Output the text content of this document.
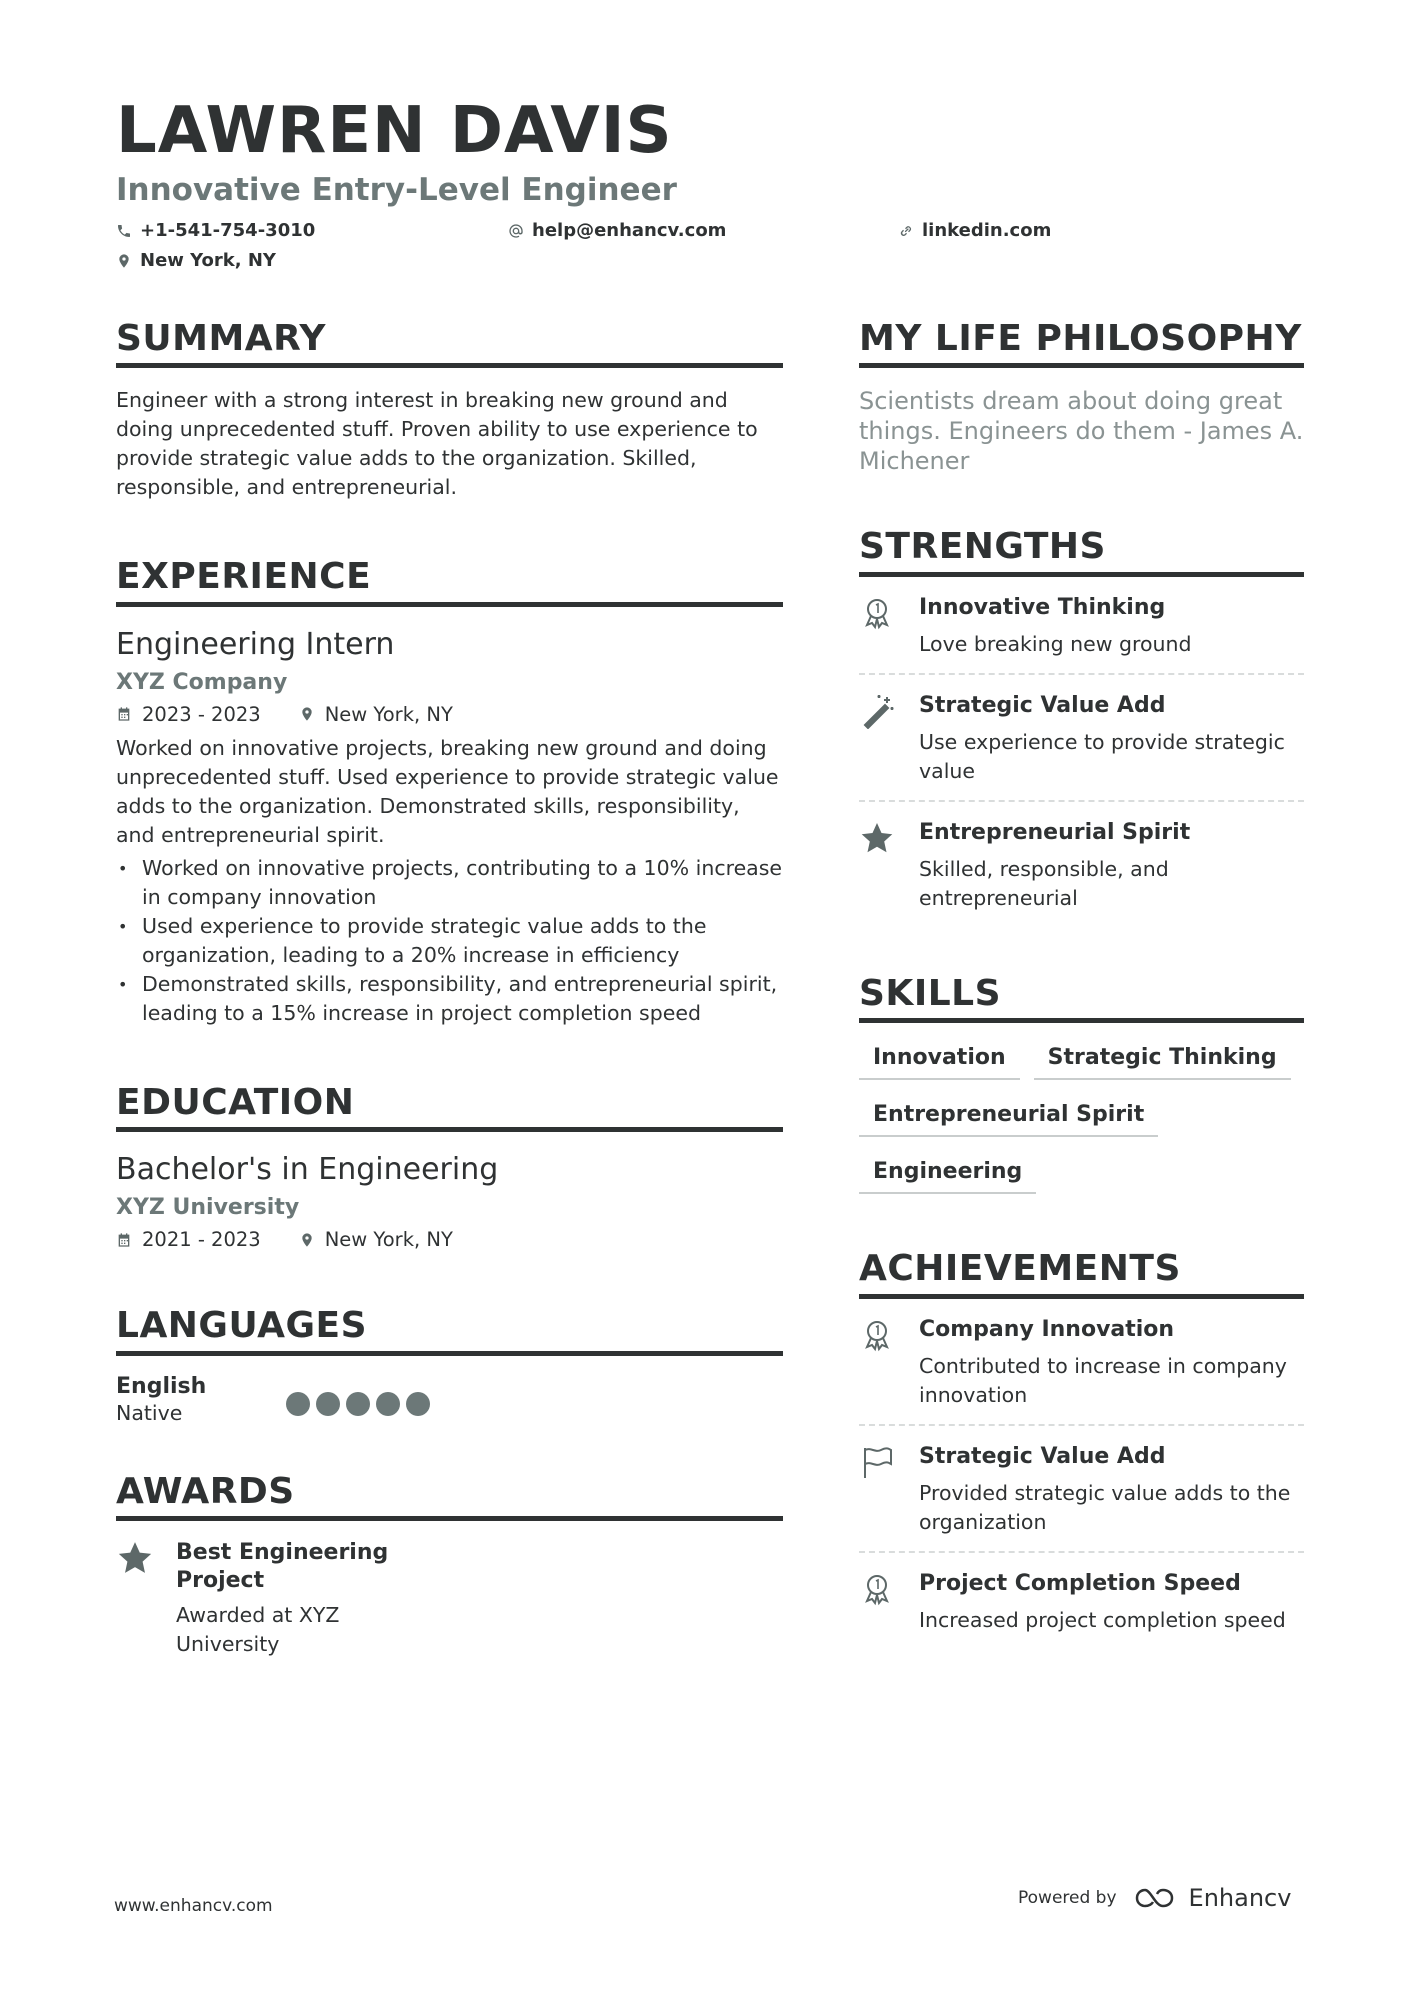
LAWREN DAVIS
Innovative Entry-Level Engineer
+1-541-754-3010	help@enhancv.com	linkedin.com
New York, NY
SUMMARY
Engineer with a strong interest in breaking new ground and doing unprecedented stuff. Proven ability to use experience to provide strategic value adds to the organization. Skilled, responsible, and entrepreneurial.
EXPERIENCE
Engineering Intern
XYZ Company
2023 - 2023	New York, NY
Worked on innovative projects, breaking new ground and doing unprecedented stuff. Used experience to provide strategic value adds to the organization. Demonstrated skills, responsibility, and entrepreneurial spirit.
• Worked on innovative projects, contributing to a 10% increase in company innovation
• Used experience to provide strategic value adds to the organization, leading to a 20% increase in efficiency
• Demonstrated skills, responsibility, and entrepreneurial spirit, leading to a 15% increase in project completion speed
EDUCATION
Bachelor's in Engineering
XYZ University
2021 - 2023	New York, NY
LANGUAGES
English
Native
AWARDS
Best Engineering Project
Awarded at XYZ University
MY LIFE PHILOSOPHY
Scientists dream about doing great things. Engineers do them - James A. Michener
STRENGTHS
Innovative Thinking
Love breaking new ground
Strategic Value Add
Use experience to provide strategic value
Entrepreneurial Spirit
Skilled, responsible, and entrepreneurial
SKILLS
Innovation	Strategic Thinking
Entrepreneurial Spirit
Engineering
ACHIEVEMENTS
Company Innovation
Contributed to increase in company innovation
Strategic Value Add
Provided strategic value adds to the organization
Project Completion Speed
Increased project completion speed
www.enhancv.com	Powered by	Enhancv
